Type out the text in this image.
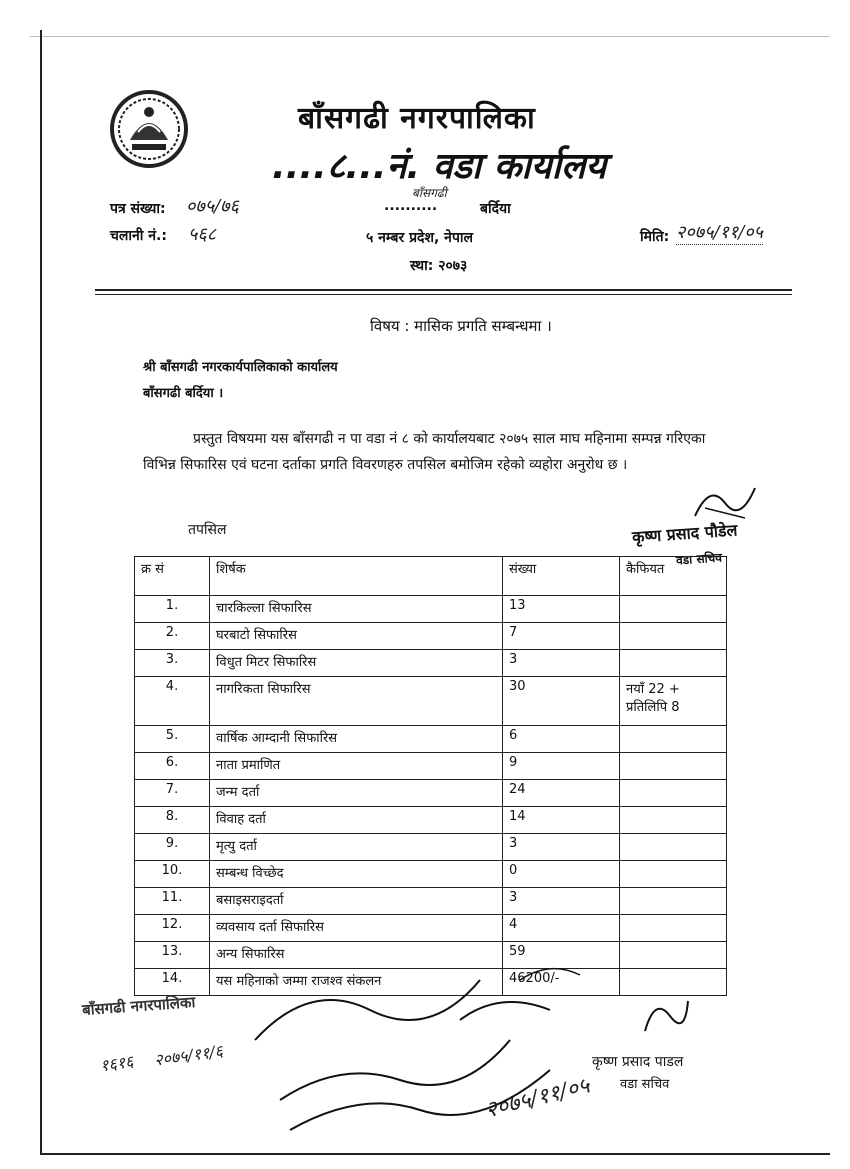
बाँसगढी नगरपालिका
....८...नं. वडा कार्यालय
पत्र संख्या: ०७५/७६
चलानी नं.: ५६८
बाँसगढी
..........	बर्दिया
५ नम्बर प्रदेश, नेपाल
स्था: २०७३
मिति: २०७५/११/०५
विषय : मासिक प्रगति सम्बन्धमा ।
श्री बाँसगढी नगरकार्यपालिकाको कार्यालय
बाँसगढी बर्दिया ।
प्रस्तुत विषयमा यस बाँसगढी न पा वडा नं ८ को कार्यालयबाट २०७५ साल माघ महिनामा सम्पन्न गरिएका विभिन्न सिफारिस एवं घटना दर्ताका प्रगति विवरणहरु तपसिल बमोजिम रहेको व्यहोरा अनुरोध छ ।
तपसिल	कृष्ण प्रसाद पौडेल
वडा सचिव
क्र सं	शिर्षक	संख्या	कैफियत
1.	चारकिल्ला सिफारिस	13	
2.	घरबाटो सिफारिस	7	
3.	विधुत मिटर सिफारिस	3	
4.	नागरिकता सिफारिस	30	नयाँ 22 + प्रतिलिपि 8
5.	वार्षिक आम्दानी सिफारिस	6	
6.	नाता प्रमाणित	9	
7.	जन्म दर्ता	24	
8.	विवाह दर्ता	14	
9.	मृत्यु दर्ता	3	
10.	सम्बन्ध विच्छेद	0	
11.	बसाइसराइदर्ता	3	
12.	व्यवसाय दर्ता सिफारिस	4	
13.	अन्य सिफारिस	59	
14.	यस महिनाको जम्मा राजश्व संकलन	46200/-	
बाँसगढी नगरपालिका
१६१६ २०७५/११/६
२०७५/११/०५
कृष्ण प्रसाद पाडल
वडा सचिव
